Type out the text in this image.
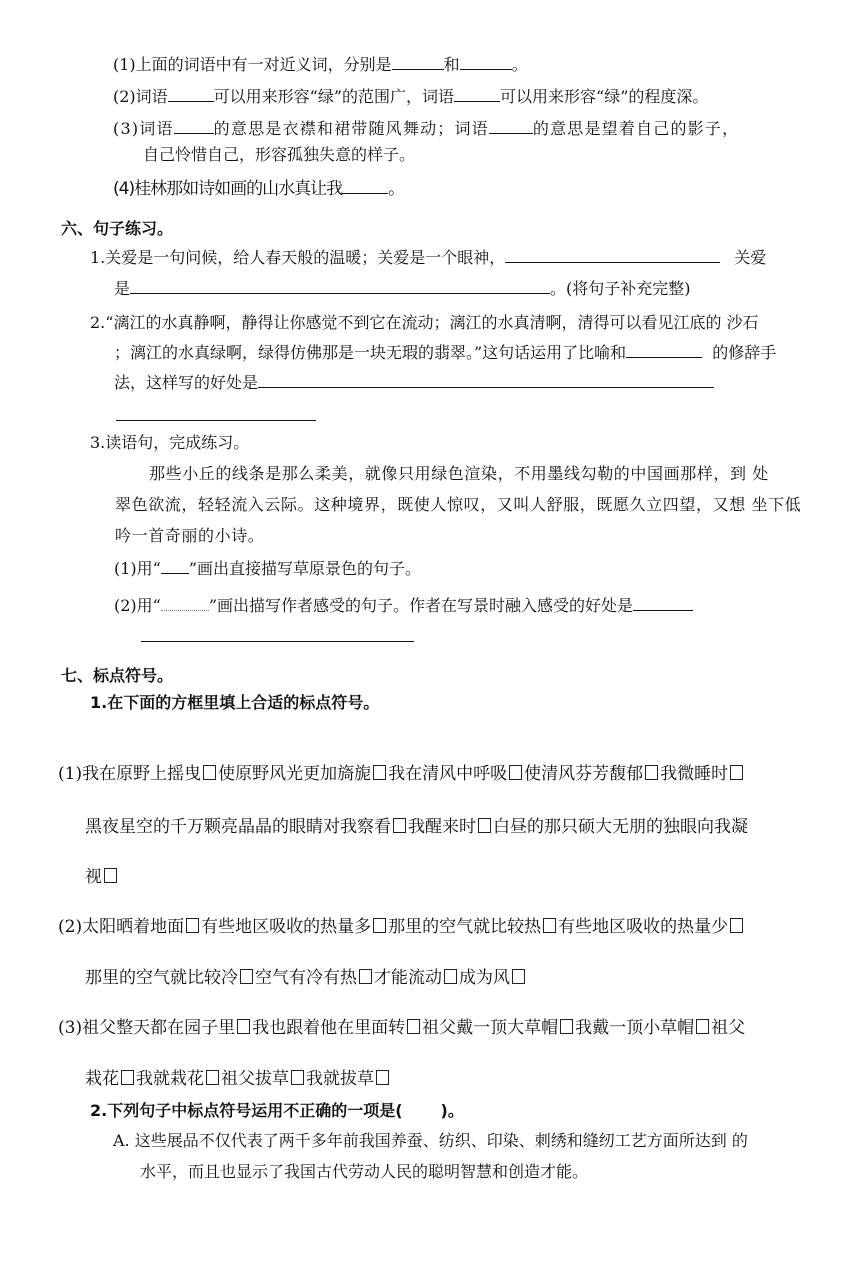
(1)上面的词语中有一对近义词，分别是	和	。
(2)词语	可以用来形容“绿”的范围广，词语	可以用来形容“绿”的程度深。
(3)词语	的意思是衣襟和裙带随风舞动；词语	的意思是望着自己的影子，
自己怜惜自己，形容孤独失意的样子。
(4)桂林那如诗如画的山水真让我	。
六、句子练习。
1.关爱是一句问候，给人春天般的温暖；关爱是一个眼神，	关爱
是	。(将句子补充完整)
2.“漓江的水真静啊，静得让你感觉不到它在流动；漓江的水真清啊，清得可以看见江底的 沙石
；漓江的水真绿啊，绿得仿佛那是一块无瑕的翡翠。”这句话运用了比喻和	的修辞手
法，这样写的好处是
3.读语句，完成练习。
那些小丘的线条是那么柔美，就像只用绿色渲染，不用墨线勾勒的中国画那样，到 处
翠色欲流，轻轻流入云际。这种境界，既使人惊叹，又叫人舒服，既愿久立四望，又想 坐下低
吟一首奇丽的小诗。
(1)用“ ”画出直接描写草原景色的句子。
(2)用“	”画出描写作者感受的句子。作者在写景时融入感受的好处是
七、标点符号。
1.在下面的方框里填上合适的标点符号。
(1)我在原野上摇曳 使原野风光更加旖旎 我在清风中呼吸 使清风芬芳馥郁 我微睡时
黑夜星空的千万颗亮晶晶的眼睛对我察看 我醒来时 白昼的那只硕大无朋的独眼向我凝
视
(2)太阳晒着地面 有些地区吸收的热量多 那里的空气就比较热 有些地区吸收的热量少
那里的空气就比较冷 空气有冷有热 才能流动 成为风
(3)祖父整天都在园子里 我也跟着他在里面转 祖父戴一顶大草帽 我戴一顶小草帽 祖父
栽花 我就栽花 祖父拔草 我就拔草
2.下列句子中标点符号运用不正确的一项是( )。
A. 这些展品不仅代表了两千多年前我国养蚕、纺织、印染、刺绣和缝纫工艺方面所达到 的
水平，而且也显示了我国古代劳动人民的聪明智慧和创造才能。
